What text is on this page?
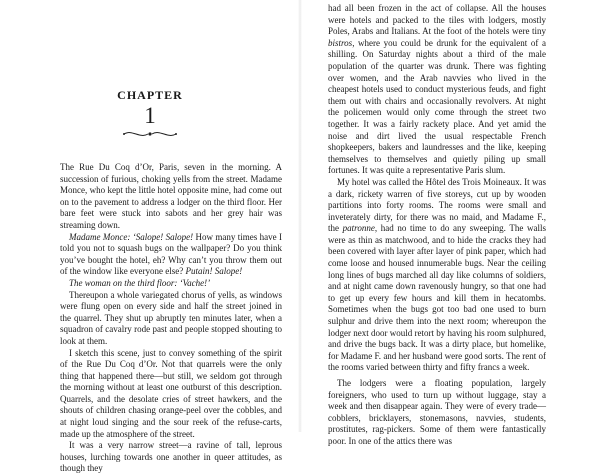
CHAPTER
1

The Rue Du Coq d’Or, Paris, seven in the morning. A succession of furious, choking yells from the street. Madame Monce, who kept the little hotel opposite mine, had come out on to the pavement to address a lodger on the third floor. Her bare feet were stuck into sabots and her grey hair was streaming down.

Madame Monce: ‘Salope! Salope! How many times have I told you not to squash bugs on the wallpaper? Do you think you’ve bought the hotel, eh? Why can’t you throw them out of the window like everyone else? Putain! Salope!

The woman on the third floor: ‘Vache!’

Thereupon a whole variegated chorus of yells, as windows were flung open on every side and half the street joined in the quarrel. They shut up abruptly ten minutes later, when a squadron of cavalry rode past and people stopped shouting to look at them.

I sketch this scene, just to convey something of the spirit of the Rue Du Coq d’Or. Not that quarrels were the only thing that happened there—but still, we seldom got through the morning without at least one outburst of this description. Quarrels, and the desolate cries of street hawkers, and the shouts of children chasing orange-peel over the cobbles, and at night loud singing and the sour reek of the refuse-carts, made up the atmosphere of the street.

It was a very narrow street—a ravine of tall, leprous houses, lurching towards one another in queer attitudes, as though they

had all been frozen in the act of collapse. All the houses were hotels and packed to the tiles with lodgers, mostly Poles, Arabs and Italians. At the foot of the hotels were tiny bistros, where you could be drunk for the equivalent of a shilling. On Saturday nights about a third of the male population of the quarter was drunk. There was fighting over women, and the Arab navvies who lived in the cheapest hotels used to conduct mysterious feuds, and fight them out with chairs and occasionally revolvers. At night the policemen would only come through the street two together. It was a fairly rackety place. And yet amid the noise and dirt lived the usual respectable French shopkeepers, bakers and laundresses and the like, keeping themselves to themselves and quietly piling up small fortunes. It was quite a representative Paris slum.

My hotel was called the Hôtel des Trois Moineaux. It was a dark, rickety warren of five storeys, cut up by wooden partitions into forty rooms. The rooms were small and inveterately dirty, for there was no maid, and Madame F., the patronne, had no time to do any sweeping. The walls were as thin as matchwood, and to hide the cracks they had been covered with layer after layer of pink paper, which had come loose and housed innumerable bugs. Near the ceiling long lines of bugs marched all day like columns of soldiers, and at night came down ravenously hungry, so that one had to get up every few hours and kill them in hecatombs. Sometimes when the bugs got too bad one used to burn sulphur and drive them into the next room; whereupon the lodger next door would retort by having his room sulphured, and drive the bugs back. It was a dirty place, but homelike, for Madame F. and her husband were good sorts. The rent of the rooms varied between thirty and fifty francs a week.

The lodgers were a floating population, largely foreigners, who used to turn up without luggage, stay a week and then disappear again. They were of every trade—cobblers, bricklayers, stonemasons, navvies, students, prostitutes, rag-pickers. Some of them were fantastically poor. In one of the attics there was
